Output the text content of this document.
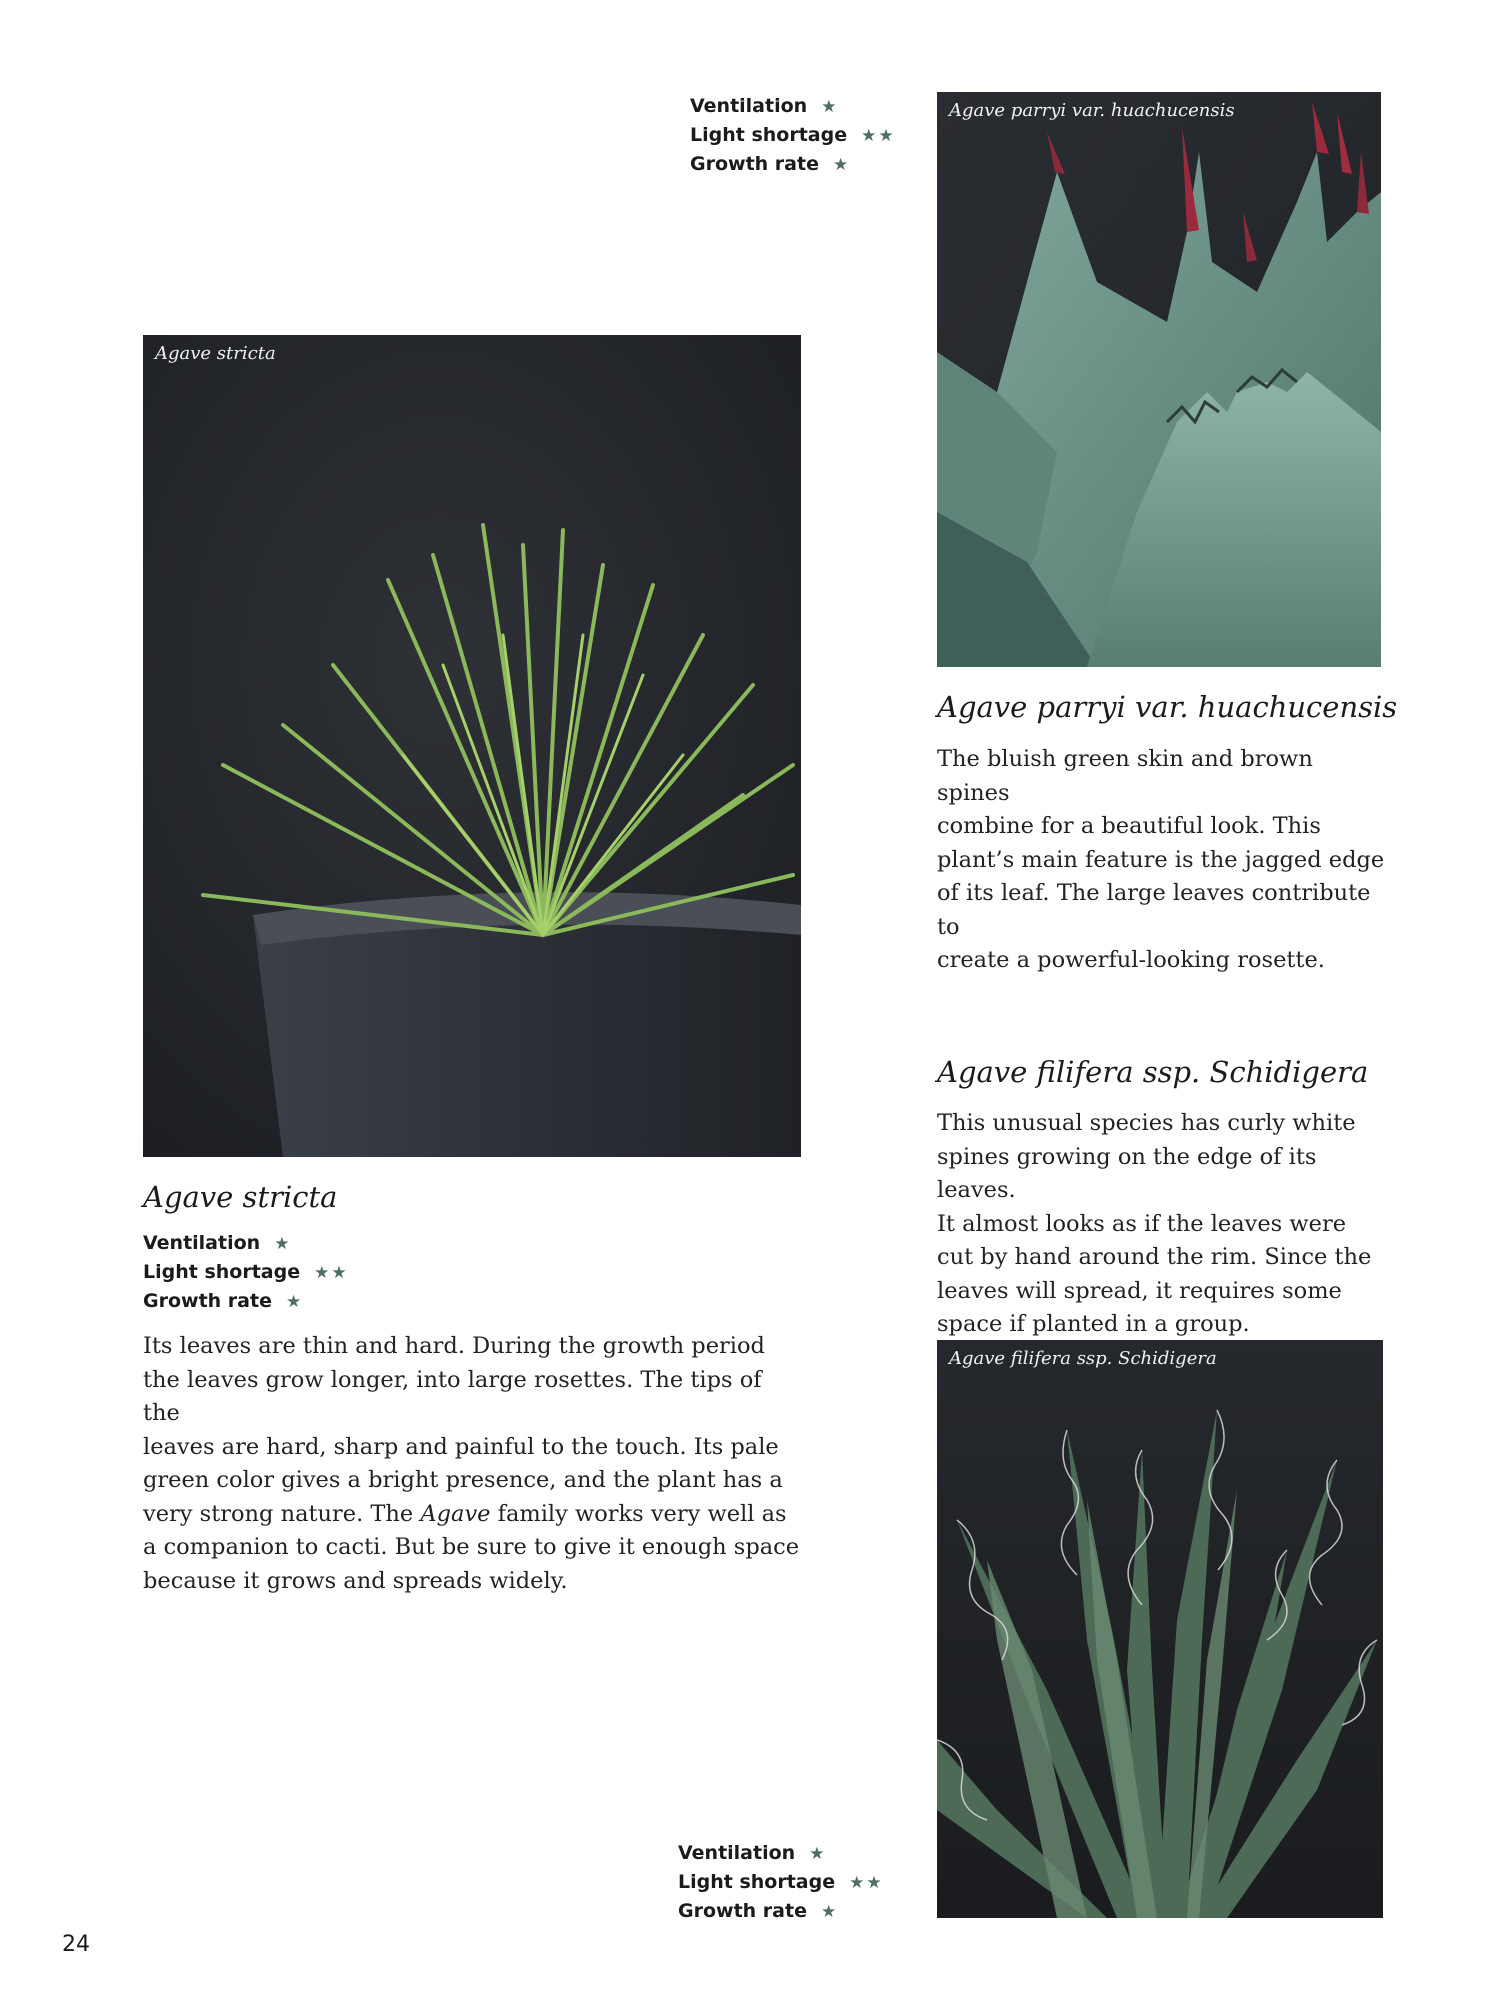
Ventilation ★
Light shortage ★★
Growth rate ★
Agave parryi var. huachucensis
Agave stricta
Agave parryi var. huachucensis
The bluish green skin and brown spines
combine for a beautiful look. This
plant’s main feature is the jagged edge
of its leaf. The large leaves contribute to
create a powerful-looking rosette.
Agave filifera ssp. Schidigera
This unusual species has curly white
spines growing on the edge of its leaves.
It almost looks as if the leaves were
cut by hand around the rim. Since the
leaves will spread, it requires some
space if planted in a group.
Agave stricta
Ventilation ★
Light shortage ★★
Growth rate ★
Its leaves are thin and hard. During the growth period
the leaves grow longer, into large rosettes. The tips of the
leaves are hard, sharp and painful to the touch. Its pale
green color gives a bright presence, and the plant has a
very strong nature. The Agave family works very well as
a companion to cacti. But be sure to give it enough space
because it grows and spreads widely.
Agave filifera ssp. Schidigera
Ventilation ★
Light shortage ★★
Growth rate ★
24
